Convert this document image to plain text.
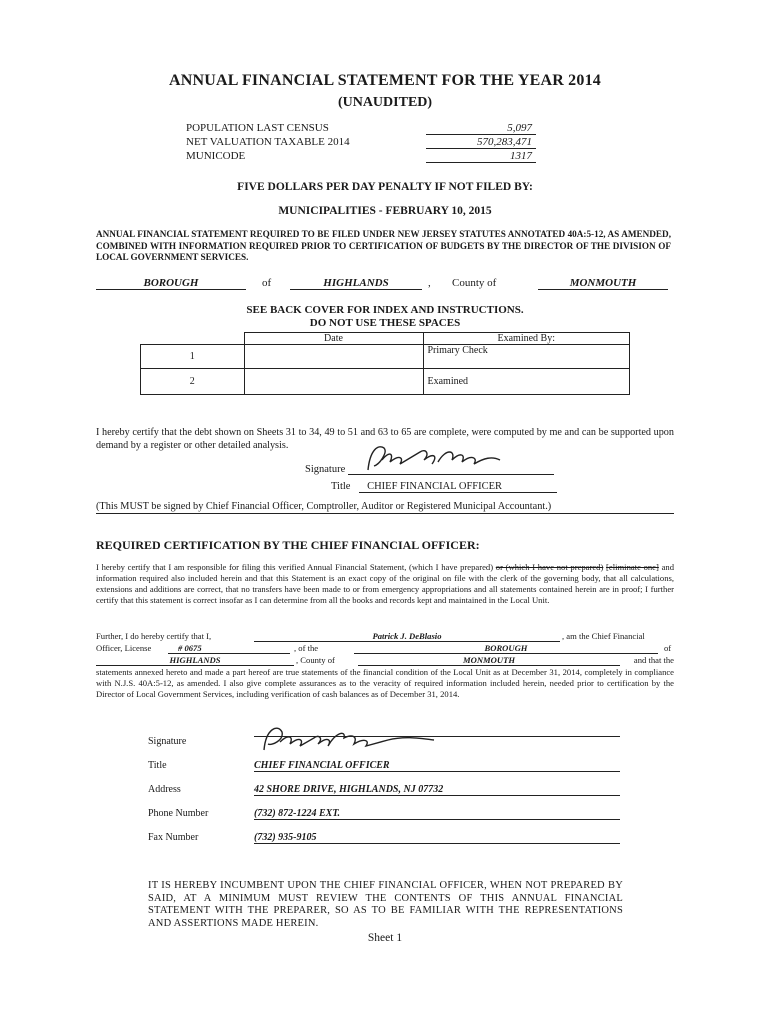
ANNUAL FINANCIAL STATEMENT FOR THE YEAR 2014
(UNAUDITED)
POPULATION LAST CENSUS	5,097
NET VALUATION TAXABLE 2014	570,283,471
MUNICODE	1317
FIVE DOLLARS PER DAY PENALTY IF NOT FILED BY:
MUNICIPALITIES - FEBRUARY 10, 2015
ANNUAL FINANCIAL STATEMENT REQUIRED TO BE FILED UNDER NEW JERSEY STATUTES ANNOTATED 40A:5-12, AS AMENDED, COMBINED WITH INFORMATION REQUIRED PRIOR TO CERTIFICATION OF BUDGETS BY THE DIRECTOR OF THE DIVISION OF LOCAL GOVERNMENT SERVICES.
BOROUGH	of	HIGHLANDS	, County of	MONMOUTH
SEE BACK COVER FOR INDEX AND INSTRUCTIONS.
DO NOT USE THESE SPACES
	Date	Examined By:
1		Primary Check
2		Examined
I hereby certify that the debt shown on Sheets 31 to 34, 49 to 51 and 63 to 65 are complete, were computed by me and can be supported upon demand by a register or other detailed analysis.
Signature
Title CHIEF FINANCIAL OFFICER
(This MUST be signed by Chief Financial Officer, Comptroller, Auditor or Registered Municipal Accountant.)
REQUIRED CERTIFICATION BY THE CHIEF FINANCIAL OFFICER:
I hereby certify that I am responsible for filing this verified Annual Financial Statement, (which I have prepared) or (which I have not prepared) [eliminate one] and information required also included herein and that this Statement is an exact copy of the original on file with the clerk of the governing body, that all calculations, extensions and additions are correct, that no transfers have been made to or from emergency appropriations and all statements contained herein are in proof; I further certify that this statement is correct insofar as I can determine from all the books and records kept and maintained in the Local Unit.
Further, I do hereby certify that I,	Patrick J. DeBlasio	, am the Chief Financial
Officer, License	# 0675	, of the	BOROUGH	of
HIGHLANDS	, County of	MONMOUTH	and that the
statements annexed hereto and made a part hereof are true statements of the financial condition of the Local Unit as at December 31, 2014, completely in compliance with N.J.S. 40A:5-12, as amended. I also give complete assurances as to the veracity of required information included herein, needed prior to certification by the Director of Local Government Services, including verification of cash balances as of December 31, 2014.
Signature
Title	CHIEF FINANCIAL OFFICER
Address	42 SHORE DRIVE, HIGHLANDS, NJ 07732
Phone Number	(732) 872-1224 EXT.
Fax Number	(732) 935-9105
IT IS HEREBY INCUMBENT UPON THE CHIEF FINANCIAL OFFICER, WHEN NOT PREPARED BY SAID, AT A MINIMUM MUST REVIEW THE CONTENTS OF THIS ANNUAL FINANCIAL STATEMENT WITH THE PREPARER, SO AS TO BE FAMILIAR WITH THE REPRESENTATIONS AND ASSERTIONS MADE HEREIN.
Sheet 1
